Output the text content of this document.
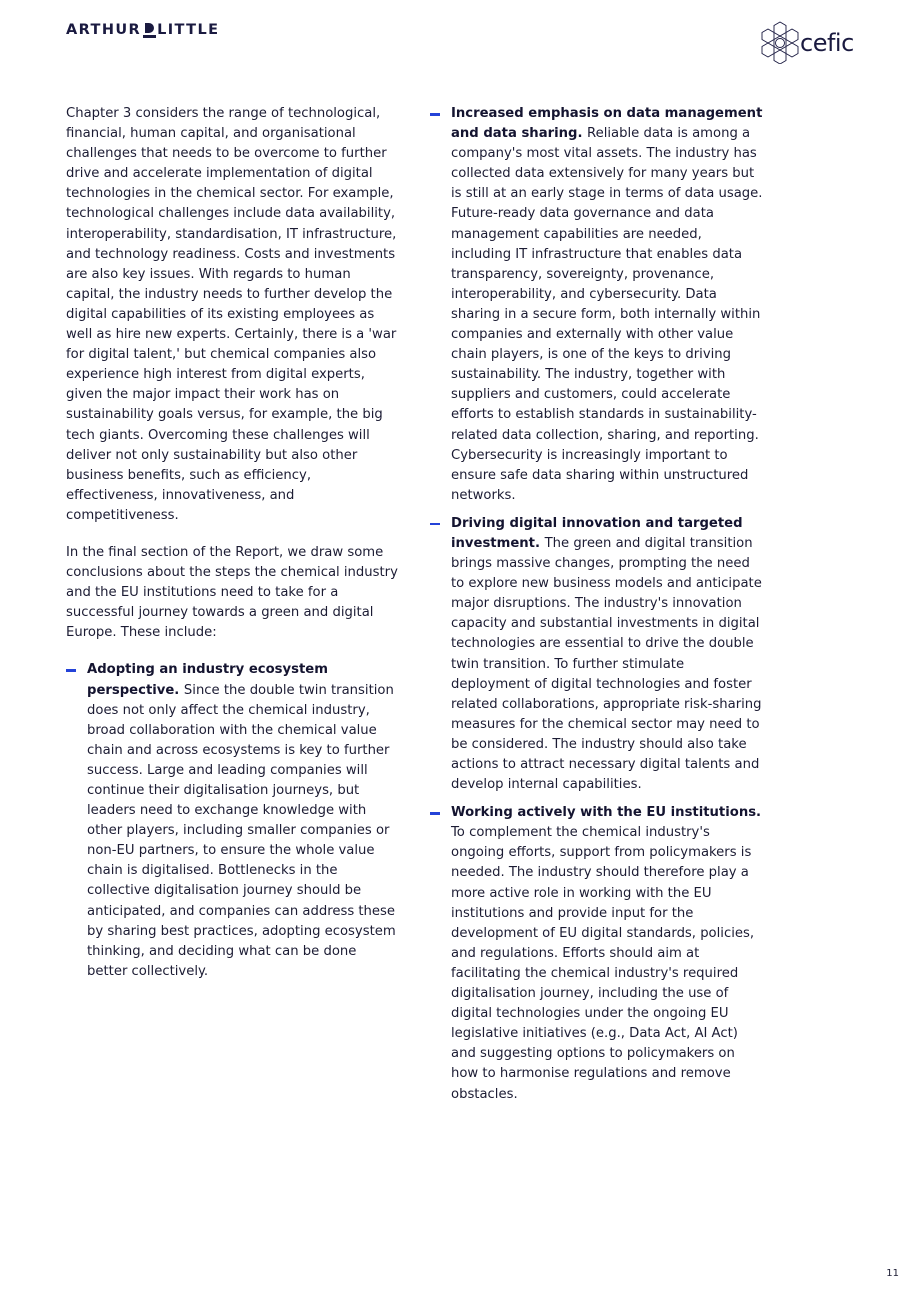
ARTHUR LITTLE	cefic

Chapter 3 considers the range of technological, financial, human capital, and organisational challenges that needs to be overcome to further drive and accelerate implementation of digital technologies in the chemical sector. For example, technological challenges include data availability, interoperability, standardisation, IT infrastructure, and technology readiness. Costs and investments are also key issues. With regards to human capital, the industry needs to further develop the digital capabilities of its existing employees as well as hire new experts. Certainly, there is a 'war for digital talent,' but chemical companies also experience high interest from digital experts, given the major impact their work has on sustainability goals versus, for example, the big tech giants. Overcoming these challenges will deliver not only sustainability but also other business benefits, such as efficiency, effectiveness, innovativeness, and competitiveness.

In the final section of the Report, we draw some conclusions about the steps the chemical industry and the EU institutions need to take for a successful journey towards a green and digital Europe. These include:

Adopting an industry ecosystem perspective. Since the double twin transition does not only affect the chemical industry, broad collaboration with the chemical value chain and across ecosystems is key to further success. Large and leading companies will continue their digitalisation journeys, but leaders need to exchange knowledge with other players, including smaller companies or non-EU partners, to ensure the whole value chain is digitalised. Bottlenecks in the collective digitalisation journey should be anticipated, and companies can address these by sharing best practices, adopting ecosystem thinking, and deciding what can be done better collectively.
Increased emphasis on data management and data sharing. Reliable data is among a company's most vital assets. The industry has collected data extensively for many years but is still at an early stage in terms of data usage. Future-ready data governance and data management capabilities are needed, including IT infrastructure that enables data transparency, sovereignty, provenance, interoperability, and cybersecurity. Data sharing in a secure form, both internally within companies and externally with other value chain players, is one of the keys to driving sustainability. The industry, together with suppliers and customers, could accelerate efforts to establish standards in sustainability-related data collection, sharing, and reporting. Cybersecurity is increasingly important to ensure safe data sharing within unstructured networks.
Driving digital innovation and targeted investment. The green and digital transition brings massive changes, prompting the need to explore new business models and anticipate major disruptions. The industry's innovation capacity and substantial investments in digital technologies are essential to drive the double twin transition. To further stimulate deployment of digital technologies and foster related collaborations, appropriate risk-sharing measures for the chemical sector may need to be considered. The industry should also take actions to attract necessary digital talents and develop internal capabilities.
Working actively with the EU institutions. To complement the chemical industry's ongoing efforts, support from policymakers is needed. The industry should therefore play a more active role in working with the EU institutions and provide input for the development of EU digital standards, policies, and regulations. Efforts should aim at facilitating the chemical industry's required digitalisation journey, including the use of digital technologies under the ongoing EU legislative initiatives (e.g., Data Act, AI Act) and suggesting options to policymakers on how to harmonise regulations and remove obstacles.
11
